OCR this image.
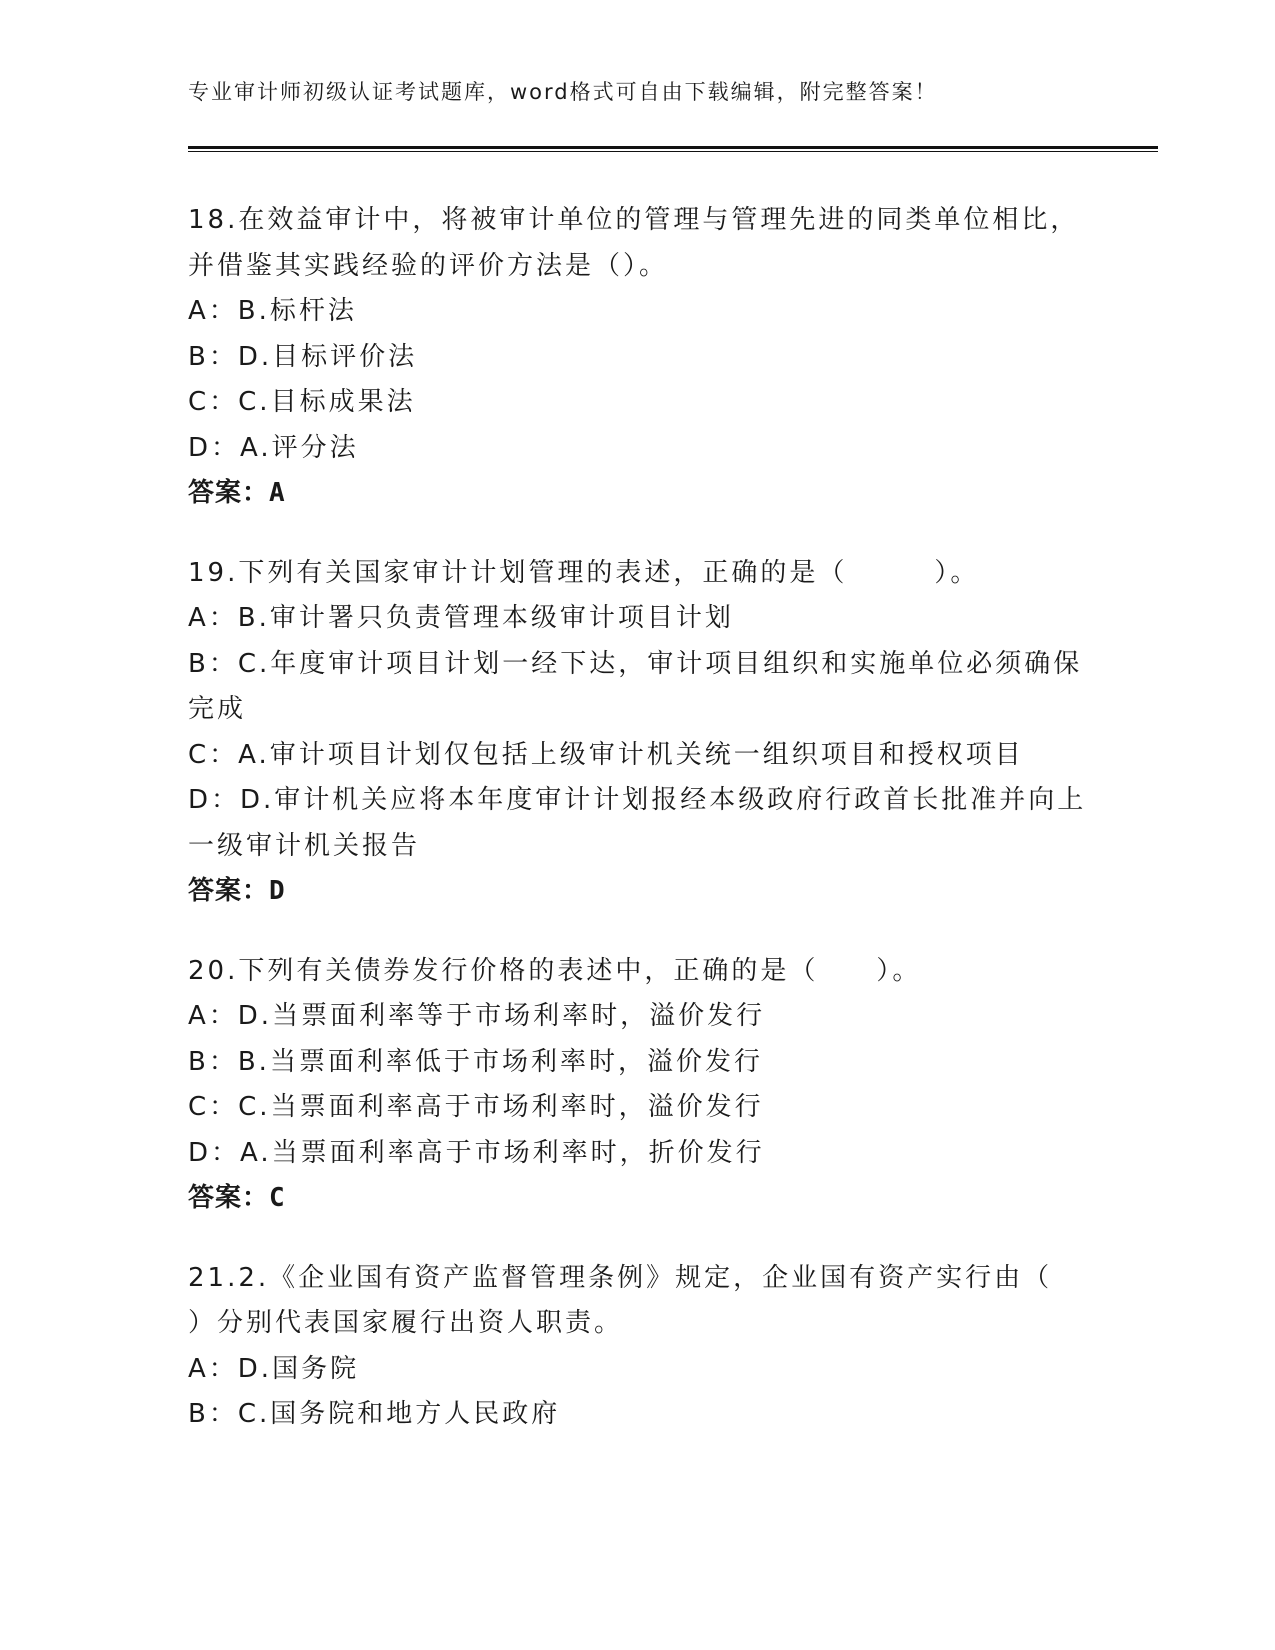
专业审计师初级认证考试题库，word格式可自由下载编辑，附完整答案！
18.在效益审计中，将被审计单位的管理与管理先进的同类单位相比，
并借鉴其实践经验的评价方法是（）。
A：B.标杆法
B：D.目标评价法
C：C.目标成果法
D：A.评分法
答案：A
19.下列有关国家审计计划管理的表述，正确的是（　　　）。
A：B.审计署只负责管理本级审计项目计划
B：C.年度审计项目计划一经下达，审计项目组织和实施单位必须确保
完成
C：A.审计项目计划仅包括上级审计机关统一组织项目和授权项目
D：D.审计机关应将本年度审计计划报经本级政府行政首长批准并向上
一级审计机关报告
答案：D
20.下列有关债券发行价格的表述中，正确的是（　　）。
A：D.当票面利率等于市场利率时，溢价发行
B：B.当票面利率低于市场利率时，溢价发行
C：C.当票面利率高于市场利率时，溢价发行
D：A.当票面利率高于市场利率时，折价发行
答案：C
21.2.《企业国有资产监督管理条例》规定，企业国有资产实行由（
）分别代表国家履行出资人职责。
A：D.国务院
B：C.国务院和地方人民政府
